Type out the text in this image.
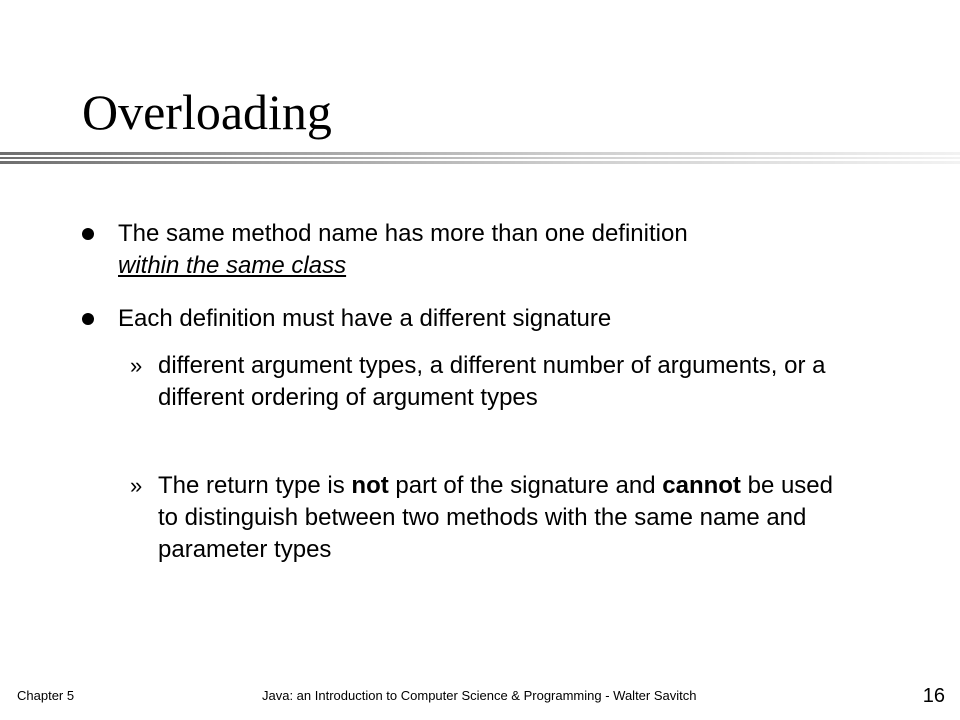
Overloading
The same method name has more than one definition
within the same class
Each definition must have a different signature
» different argument types, a different number of arguments, or a different ordering of argument types
» The return type is not part of the signature and cannot be used to distinguish between two methods with the same name and parameter types
Chapter 5	Java: an Introduction to Computer Science & Programming - Walter Savitch	16
